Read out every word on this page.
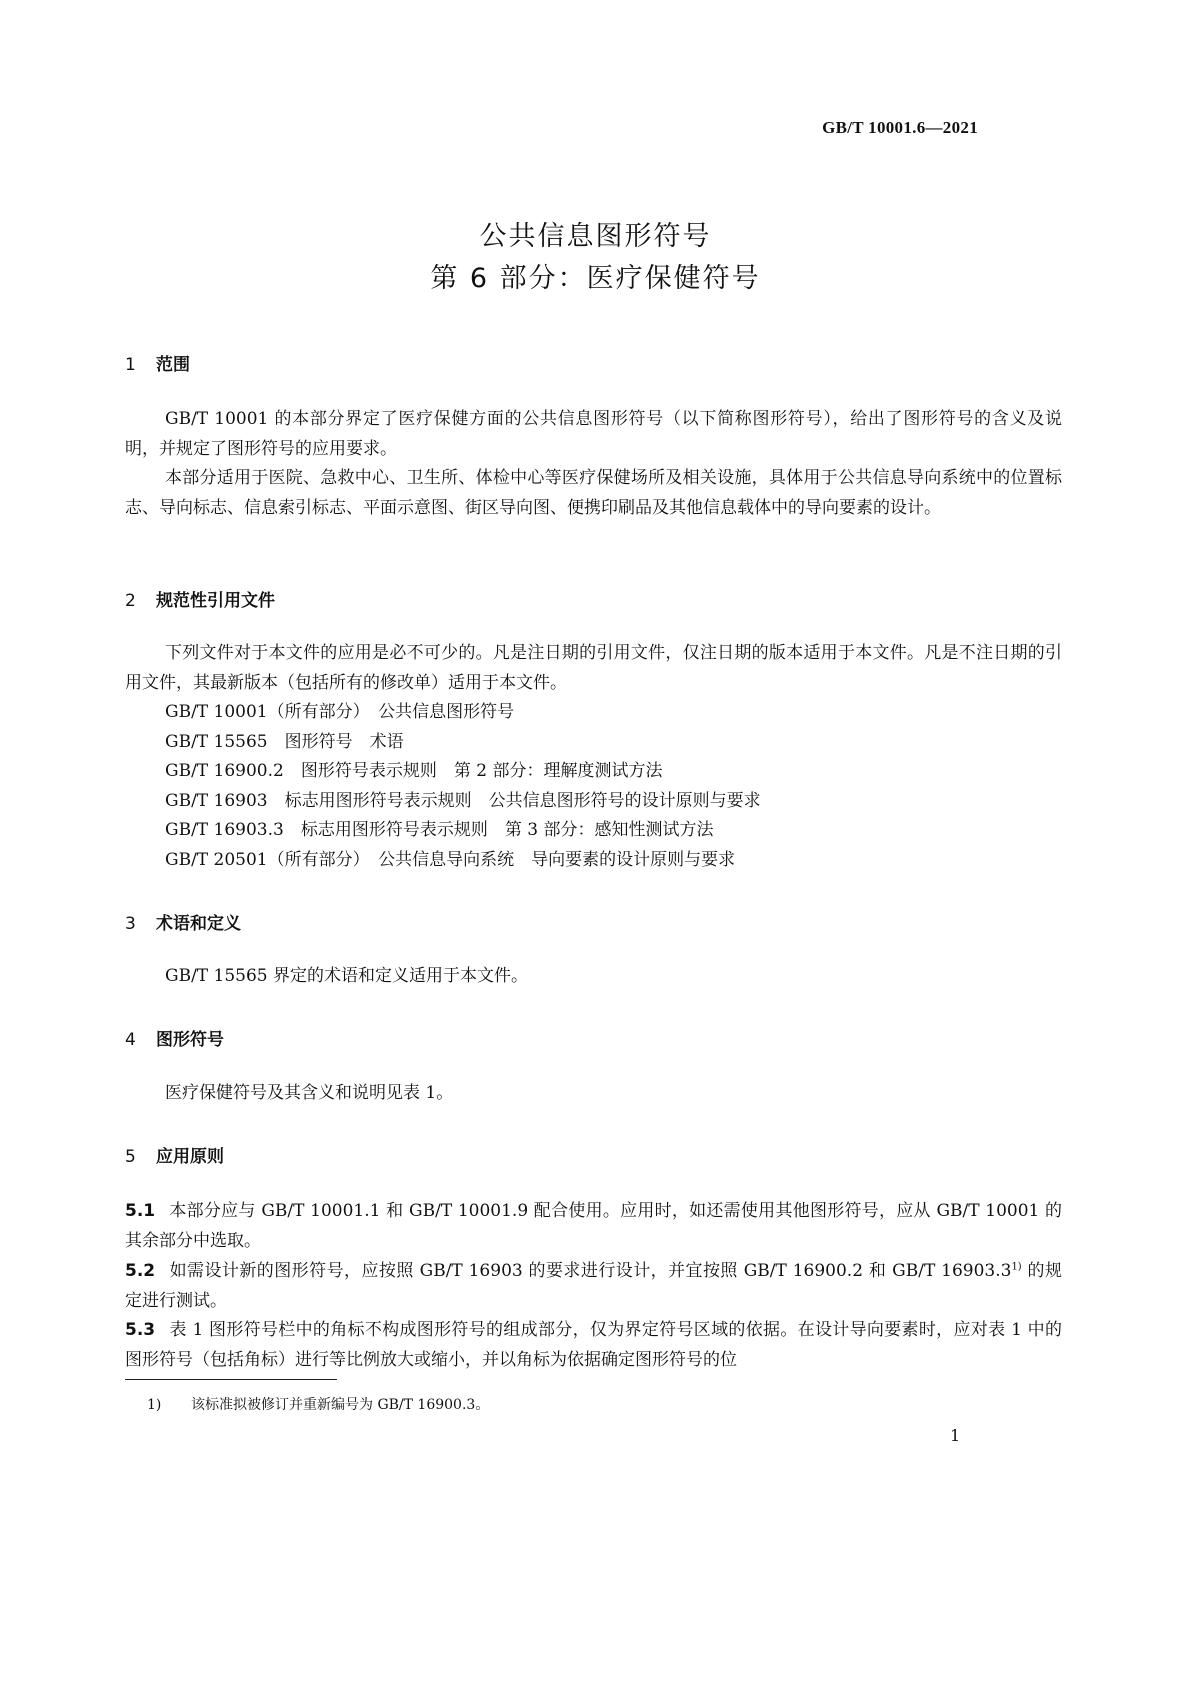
GB/T 10001.6—2021
公共信息图形符号
第 6 部分：医疗保健符号
1 范围
GB/T 10001 的本部分界定了医疗保健方面的公共信息图形符号（以下简称图形符号），给出了图形符号的含义及说明，并规定了图形符号的应用要求。
本部分适用于医院、急救中心、卫生所、体检中心等医疗保健场所及相关设施，具体用于公共信息导向系统中的位置标志、导向标志、信息索引标志、平面示意图、街区导向图、便携印刷品及其他信息载体中的导向要素的设计。
2 规范性引用文件
下列文件对于本文件的应用是必不可少的。凡是注日期的引用文件，仅注日期的版本适用于本文件。凡是不注日期的引用文件，其最新版本（包括所有的修改单）适用于本文件。
GB/T 10001（所有部分）　公共信息图形符号
GB/T 15565　图形符号　术语
GB/T 16900.2　图形符号表示规则　第 2 部分：理解度测试方法
GB/T 16903　标志用图形符号表示规则　公共信息图形符号的设计原则与要求
GB/T 16903.3　标志用图形符号表示规则　第 3 部分：感知性测试方法
GB/T 20501（所有部分）　公共信息导向系统　导向要素的设计原则与要求
3 术语和定义
GB/T 15565 界定的术语和定义适用于本文件。
4 图形符号
医疗保健符号及其含义和说明见表 1。
5 应用原则
5.1 本部分应与 GB/T 10001.1 和 GB/T 10001.9 配合使用。应用时，如还需使用其他图形符号，应从 GB/T 10001 的其余部分中选取。
5.2 如需设计新的图形符号，应按照 GB/T 16903 的要求进行设计，并宜按照 GB/T 16900.2 和 GB/T 16903.3$^{1)}$ 的规定进行测试。
5.3 表 1 图形符号栏中的角标不构成图形符号的组成部分，仅为界定符号区域的依据。在设计导向要素时，应对表 1 中的图形符号（包括角标）进行等比例放大或缩小，并以角标为依据确定图形符号的位
1) 该标准拟被修订并重新编号为 GB/T 16900.3。
1
